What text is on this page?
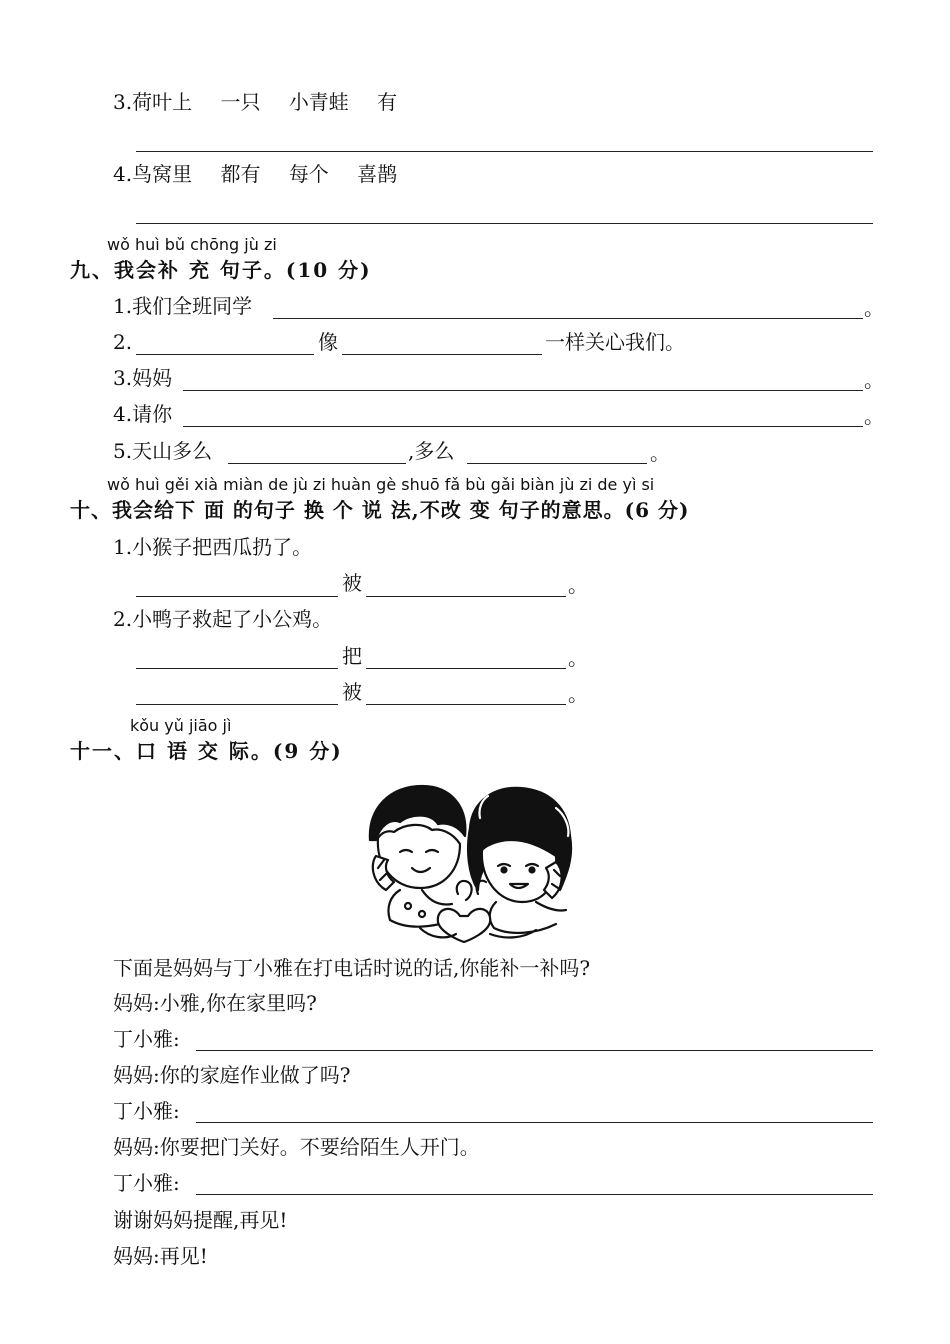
3.荷叶上 一只 小青蛙 有
4.鸟窝里 都有 每个 喜鹊
wǒ huì bǔ chōng jù zi
九、我会补 充 句子。(10 分)
1.我们全班同学	。
2.	像	一样关心我们。
3.妈妈	。
4.请你	。
5.天山多么	,多么	。
wǒ huì gěi xià miàn de jù zi huàn gè shuō fǎ bù gǎi biàn jù zi de yì si
十、我会给下 面 的句子 换 个 说 法,不改 变 句子的意思。(6 分)
1.小猴子把西瓜扔了。
被	。
2.小鸭子救起了小公鸡。
把	。
被	。
kǒu yǔ jiāo jì
十一、口 语 交 际。(9 分)
下面是妈妈与丁小雅在打电话时说的话,你能补一补吗?
妈妈:小雅,你在家里吗?
丁小雅:
妈妈:你的家庭作业做了吗?
丁小雅:
妈妈:你要把门关好。不要给陌生人开门。
丁小雅:
谢谢妈妈提醒,再见!
妈妈:再见!
